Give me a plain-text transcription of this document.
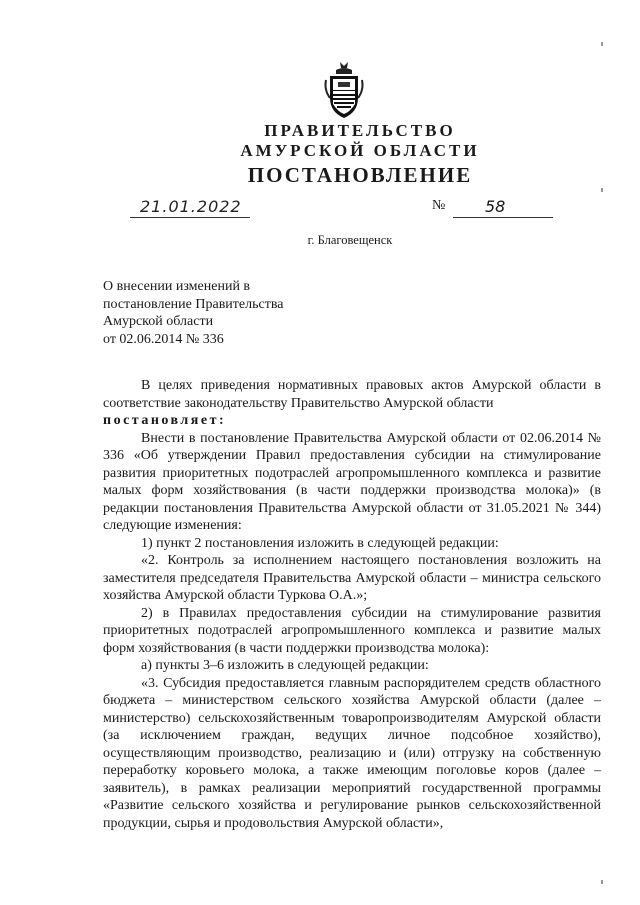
ПРАВИТЕЛЬСТВО
АМУРСКОЙ ОБЛАСТИ
ПОСТАНОВЛЕНИЕ
21.01.2022	№ 58
г. Благовещенск
О внесении изменений в
постановление Правительства
Амурской области
от 02.06.2014 № 336

В целях приведения нормативных правовых актов Амурской области в соответствие законодательству Правительство Амурской области

постановляет:

Внести в постановление Правительства Амурской области от 02.06.2014 № 336 «Об утверждении Правил предоставления субсидии на стимулирование развития приоритетных подотраслей агропромышленного комплекса и развитие малых форм хозяйствования (в части поддержки производства молока)» (в редакции постановления Правительства Амурской области от 31.05.2021 № 344) следующие изменения:

1) пункт 2 постановления изложить в следующей редакции:

«2. Контроль за исполнением настоящего постановления возложить на заместителя председателя Правительства Амурской области – министра сельского хозяйства Амурской области Туркова О.А.»;

2) в Правилах предоставления субсидии на стимулирование развития приоритетных подотраслей агропромышленного комплекса и развитие малых форм хозяйствования (в части поддержки производства молока):

а) пункты 3–6 изложить в следующей редакции:

«3. Субсидия предоставляется главным распорядителем средств областного бюджета – министерством сельского хозяйства Амурской области (далее – министерство) сельскохозяйственным товаропроизводителям Амурской области (за исключением граждан, ведущих личное подсобное хозяйство), осуществляющим производство, реализацию и (или) отгрузку на собственную переработку коровьего молока, а также имеющим поголовье коров (далее – заявитель), в рамках реализации мероприятий государственной программы «Развитие сельского хозяйства и регулирование рынков сельскохозяйственной продукции, сырья и продовольствия Амурской области»,
